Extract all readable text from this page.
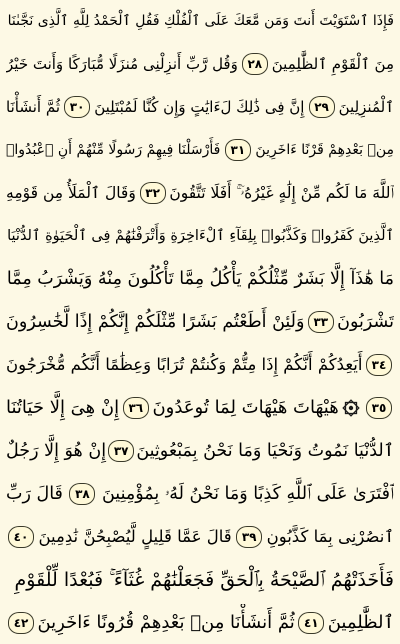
فَإِذَا ٱسْتَوَيْتَ أَنتَ وَمَن مَّعَكَ عَلَى ٱلْفُلْكِ فَقُلِ ٱلْحَمْدُ لِلَّهِ ٱلَّذِى نَجَّىٰنَا
مِنَ ٱلْقَوْمِ ٱلظَّٰلِمِينَ
٢٨
وَقُل رَّبِّ أَنزِلْنِى مُنزَلًا مُّبَارَكًا وَأَنتَ خَيْرُ
ٱلْمُنزِلِينَ
٢٩
إِنَّ فِى ذَٰلِكَ لَءَايَٰتٍ وَإِن كُنَّا لَمُبْتَلِينَ
٣٠
ثُمَّ أَنشَأْنَا
مِنۢ بَعْدِهِمْ قَرْنًا ءَاخَرِينَ
٣١
فَأَرْسَلْنَا فِيهِمْ رَسُولًا مِّنْهُمْ أَنِ ٱعْبُدُوا۟
ٱللَّهَ مَا لَكُم مِّنْ إِلَٰهٍ غَيْرُهُۥٓ ۚ أَفَلَا تَتَّقُونَ
٣٢
وَقَالَ ٱلْمَلَأُ مِن قَوْمِهِ
ٱلَّذِينَ كَفَرُوا۟ وَكَذَّبُوا۟ بِلِقَآءِ ٱلْءَاخِرَةِ وَأَتْرَفْنَٰهُمْ فِى ٱلْحَيَوٰةِ ٱلدُّنْيَا
مَا هَٰذَآ إِلَّا بَشَرٌ مِّثْلُكُمْ يَأْكُلُ مِمَّا تَأْكُلُونَ مِنْهُ وَيَشْرَبُ مِمَّا
تَشْرَبُونَ
٣٣
وَلَئِنْ أَطَعْتُم بَشَرًا مِّثْلَكُمْ إِنَّكُمْ إِذًا لَّخَٰسِرُونَ
٣٤
أَيَعِدُكُمْ أَنَّكُمْ إِذَا مِتُّمْ وَكُنتُمْ تُرَابًا وَعِظَٰمًا أَنَّكُم مُّخْرَجُونَ
٣٥
هَيْهَاتَ هَيْهَاتَ لِمَا تُوعَدُونَ
٣٦
إِنْ هِىَ إِلَّا حَيَاتُنَا
ٱلدُّنْيَا نَمُوتُ وَنَحْيَا وَمَا نَحْنُ بِمَبْعُوثِينَ
٣٧
إِنْ هُوَ إِلَّا رَجُلٌ
ٱفْتَرَىٰ عَلَى ٱللَّهِ كَذِبًا وَمَا نَحْنُ لَهُۥ بِمُؤْمِنِينَ
٣٨
قَالَ رَبِّ
ٱنصُرْنِى بِمَا كَذَّبُونِ
٣٩
قَالَ عَمَّا قَلِيلٍ لَّيُصْبِحُنَّ نَٰدِمِينَ
٤٠
فَأَخَذَتْهُمُ ٱلصَّيْحَةُ بِٱلْحَقِّ فَجَعَلْنَٰهُمْ غُثَآءً ۚ فَبُعْدًا لِّلْقَوْمِ
ٱلظَّٰلِمِينَ
٤١
ثُمَّ أَنشَأْنَا مِنۢ بَعْدِهِمْ قُرُونًا ءَاخَرِينَ
٤٢
